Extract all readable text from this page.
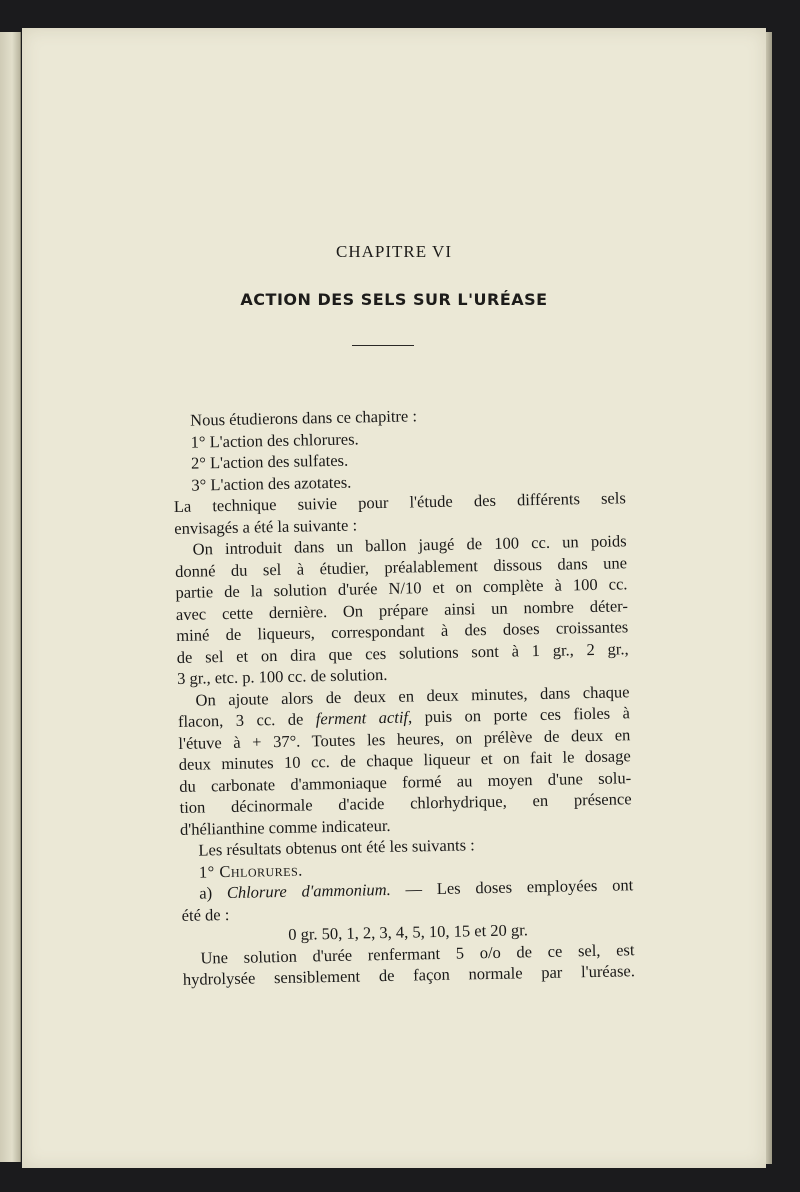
CHAPITRE VI
ACTION DES SELS SUR L'URÉASE
Nous étudierons dans ce chapitre :
1° L'action des chlorures.
2° L'action des sulfates.
3° L'action des azotates.
La technique suivie pour l'étude des différents sels
envisagés a été la suivante :
On introduit dans un ballon jaugé de 100 cc. un poids
donné du sel à étudier, préalablement dissous dans une
partie de la solution d'urée N/10 et on complète à 100 cc.
avec cette dernière. On prépare ainsi un nombre déter-
miné de liqueurs, correspondant à des doses croissantes
de sel et on dira que ces solutions sont à 1 gr., 2 gr.,
3 gr., etc. p. 100 cc. de solution.
On ajoute alors de deux en deux minutes, dans chaque
flacon, 3 cc. de ferment actif, puis on porte ces fioles à
l'étuve à + 37°. Toutes les heures, on prélève de deux en
deux minutes 10 cc. de chaque liqueur et on fait le dosage
du carbonate d'ammoniaque formé au moyen d'une solu-
tion décinormale d'acide chlorhydrique, en présence
d'hélianthine comme indicateur.
Les résultats obtenus ont été les suivants :
1° Chlorures.
a) Chlorure d'ammonium. — Les doses employées ont
été de :
0 gr. 50, 1, 2, 3, 4, 5, 10, 15 et 20 gr.
Une solution d'urée renfermant 5 o/o de ce sel, est
hydrolysée sensiblement de façon normale par l'uréase.
